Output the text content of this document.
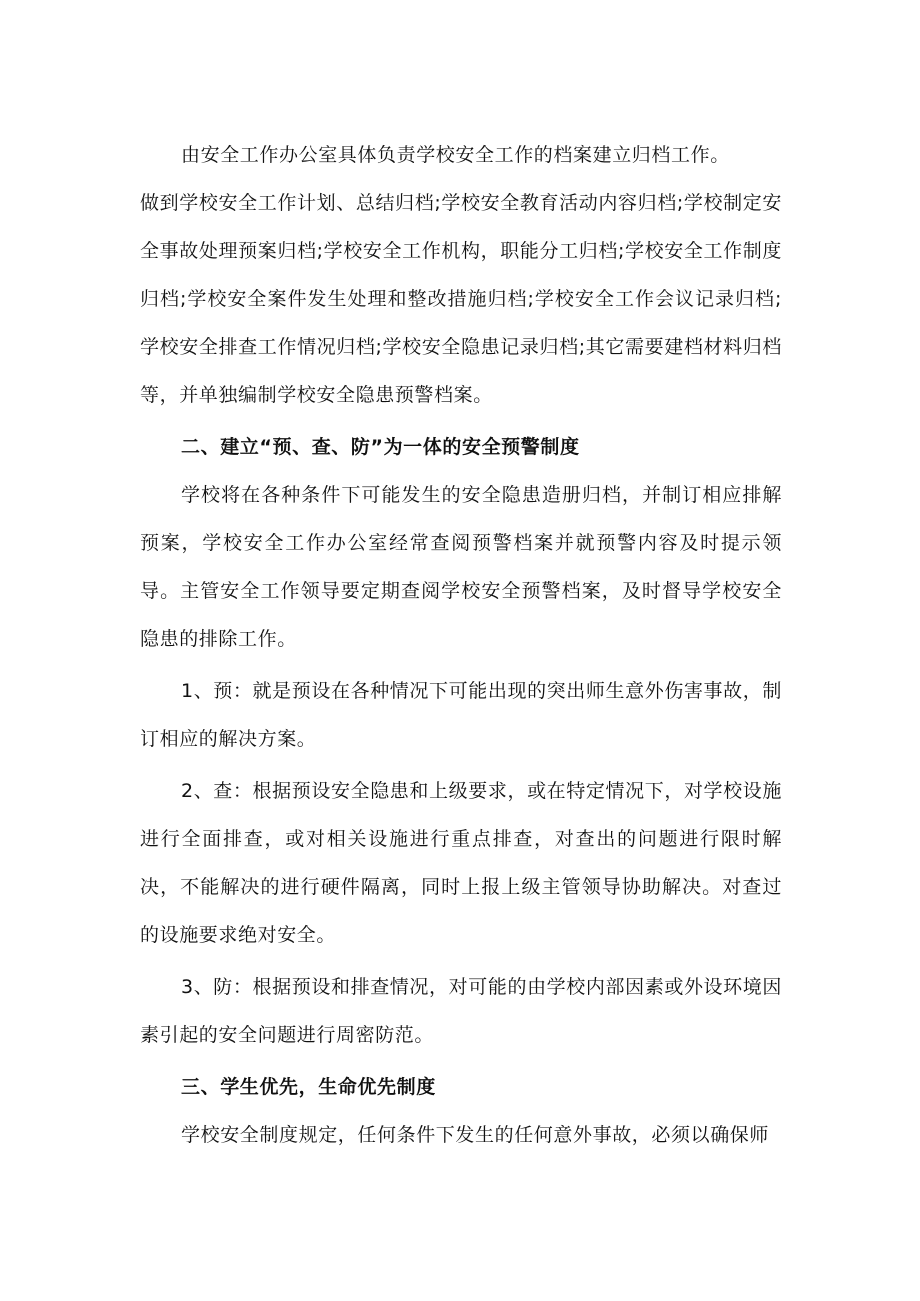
由安全工作办公室具体负责学校安全工作的档案建立归档工作。

做到学校安全工作计划、总结归档;学校安全教育活动内容归档;学校制定安全事故处理预案归档;学校安全工作机构，职能分工归档;学校安全工作制度归档;学校安全案件发生处理和整改措施归档;学校安全工作会议记录归档;学校安全排查工作情况归档;学校安全隐患记录归档;其它需要建档材料归档等，并单独编制学校安全隐患预警档案。

二、建立“预、查、防”为一体的安全预警制度

学校将在各种条件下可能发生的安全隐患造册归档，并制订相应排解预案，学校安全工作办公室经常查阅预警档案并就预警内容及时提示领导。主管安全工作领导要定期查阅学校安全预警档案，及时督导学校安全隐患的排除工作。

1、预：就是预设在各种情况下可能出现的突出师生意外伤害事故，制订相应的解决方案。

2、查：根据预设安全隐患和上级要求，或在特定情况下，对学校设施进行全面排查，或对相关设施进行重点排查，对查出的问题进行限时解决，不能解决的进行硬件隔离，同时上报上级主管领导协助解决。对查过的设施要求绝对安全。

3、防：根据预设和排查情况，对可能的由学校内部因素或外设环境因素引起的安全问题进行周密防范。

三、学生优先，生命优先制度

学校安全制度规定，任何条件下发生的任何意外事故，必须以确保师
